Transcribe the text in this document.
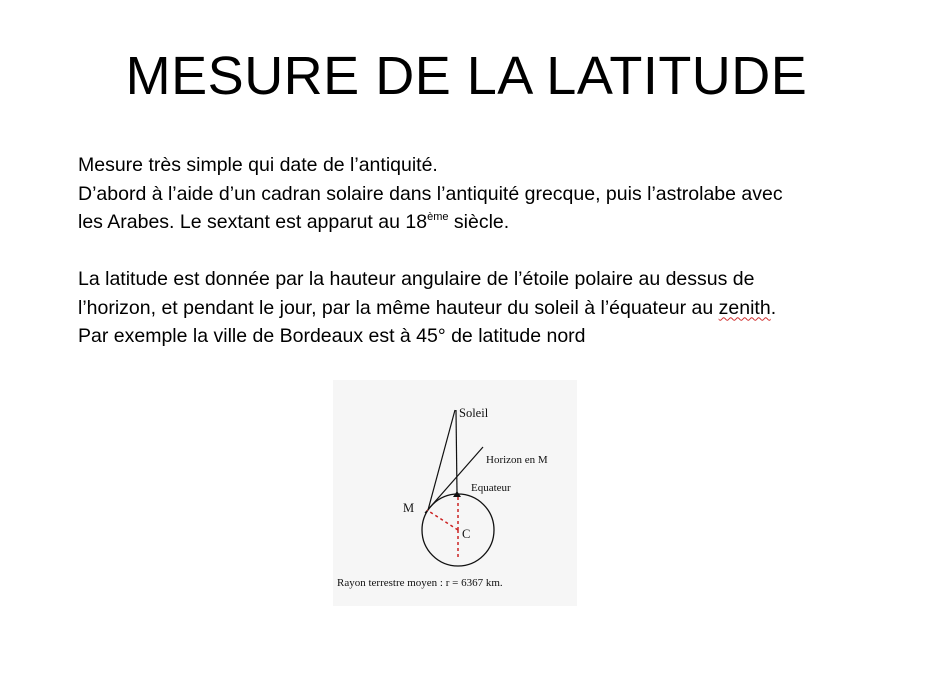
MESURE DE LA LATITUDE

Mesure très simple qui date de l’antiquité.

D’abord à l’aide d’un cadran solaire dans l’antiquité grecque, puis l’astrolabe avec

les Arabes. Le sextant est apparut au 18ème siècle.

La latitude est donnée par la hauteur angulaire de l’étoile polaire au dessus de

l’horizon, et pendant le jour, par la même hauteur du soleil à l’équateur au zenith.

Par exemple la ville de Bordeaux est à 45° de latitude nord

Soleil
Horizon en M
Equateur
M
C
Rayon terrestre moyen : r = 6367 km.
